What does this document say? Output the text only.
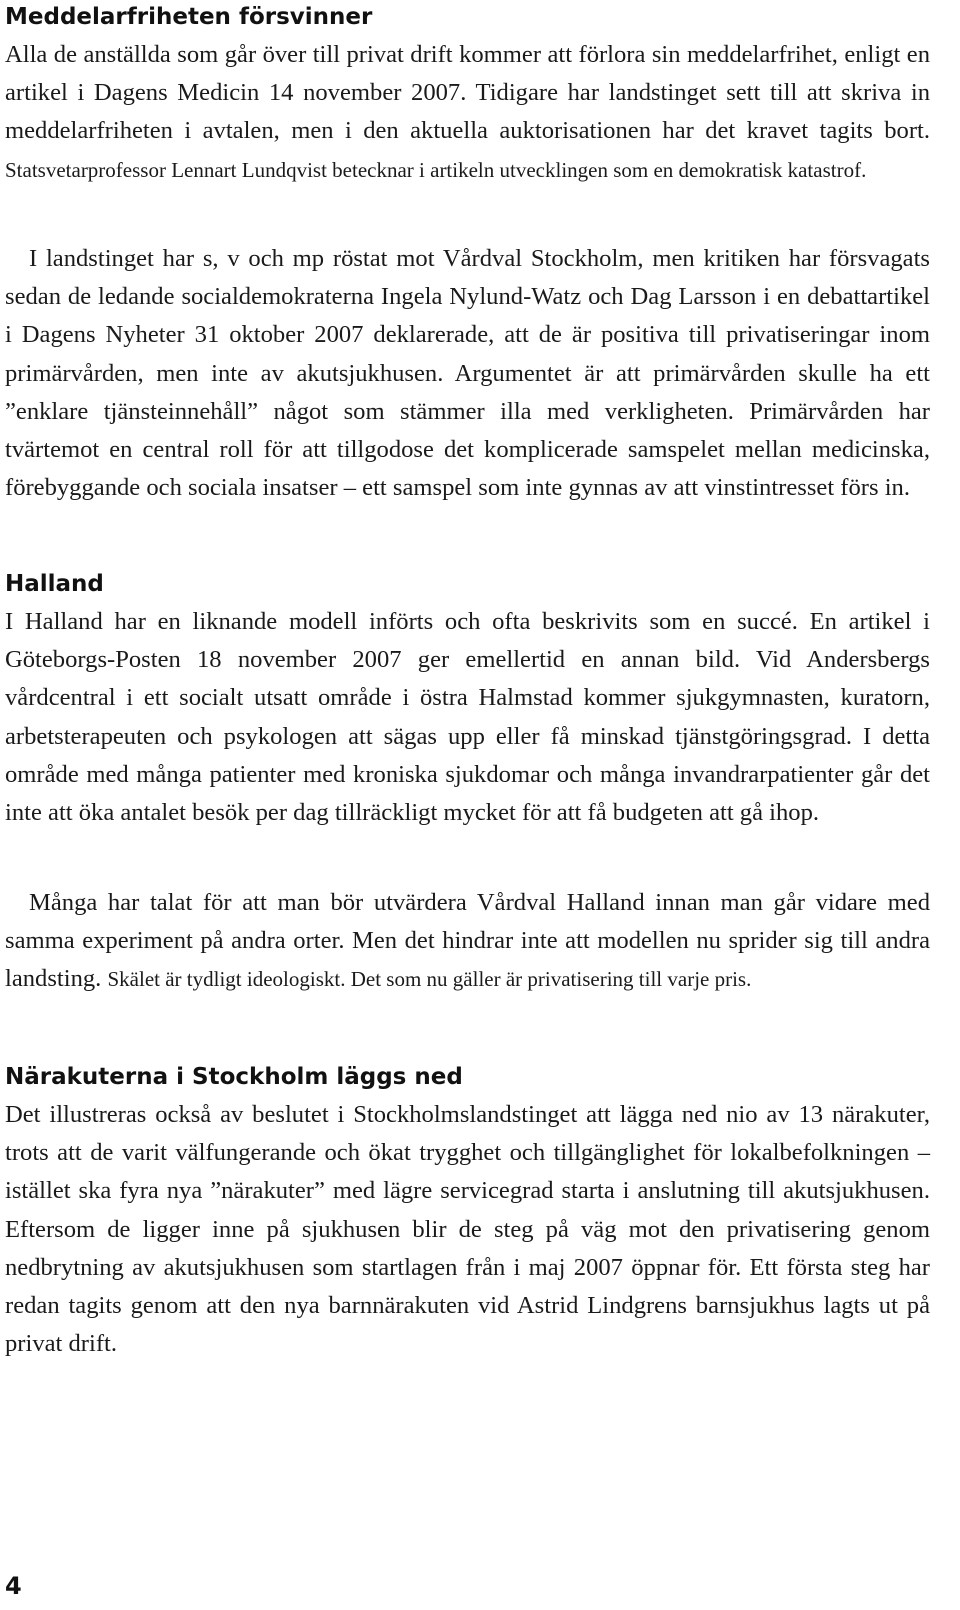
Meddelarfriheten försvinner

Alla de anställda som går över till privat drift kommer att förlora sin meddelarfrihet, enligt en artikel i Dagens Medicin 14 november 2007. Tidigare har landstinget sett till att skriva in meddelarfriheten i avtalen, men i den aktuella auktorisationen har det kravet tagits bort. Statsvetarprofessor Lennart Lundqvist betecknar i artikeln utvecklingen som en demokratisk katastrof.

I landstinget har s, v och mp röstat mot Vårdval Stockholm, men kritiken har försvagats sedan de ledande socialdemokraterna Ingela Nylund-Watz och Dag Larsson i en debattartikel i Dagens Nyheter 31 oktober 2007 deklarerade, att de är positiva till privatiseringar inom primärvården, men inte av akutsjukhusen. Argumentet är att primärvården skulle ha ett ”enklare tjänsteinnehåll” något som stämmer illa med verkligheten. Primärvården har tvärtemot en central roll för att tillgodose det komplicerade samspelet mellan medicinska, förebyggande och sociala insatser – ett samspel som inte gynnas av att vinstintresset förs in.

Halland

I Halland har en liknande modell införts och ofta beskrivits som en succé. En artikel i Göteborgs-Posten 18 november 2007 ger emellertid en annan bild. Vid Andersbergs vårdcentral i ett socialt utsatt område i östra Halmstad kommer sjukgymnasten, kuratorn, arbetsterapeuten och psykologen att sägas upp eller få minskad tjänstgöringsgrad. I detta område med många patienter med kroniska sjukdomar och många invandrarpatienter går det inte att öka antalet besök per dag tillräckligt mycket för att få budgeten att gå ihop.

Många har talat för att man bör utvärdera Vårdval Halland innan man går vidare med samma experiment på andra orter. Men det hindrar inte att modellen nu sprider sig till andra landsting. Skälet är tydligt ideologiskt. Det som nu gäller är privatisering till varje pris.

Närakuterna i Stockholm läggs ned

Det illustreras också av beslutet i Stockholmslandstinget att lägga ned nio av 13 närakuter, trots att de varit välfungerande och ökat trygghet och tillgänglighet för lokalbefolkningen – istället ska fyra nya ”närakuter” med lägre servicegrad starta i anslutning till akutsjukhusen. Eftersom de ligger inne på sjukhusen blir de steg på väg mot den privatisering genom nedbrytning av akutsjukhusen som startlagen från i maj 2007 öppnar för. Ett första steg har redan tagits genom att den nya barnnärakuten vid Astrid Lindgrens barnsjukhus lagts ut på privat drift.

4
